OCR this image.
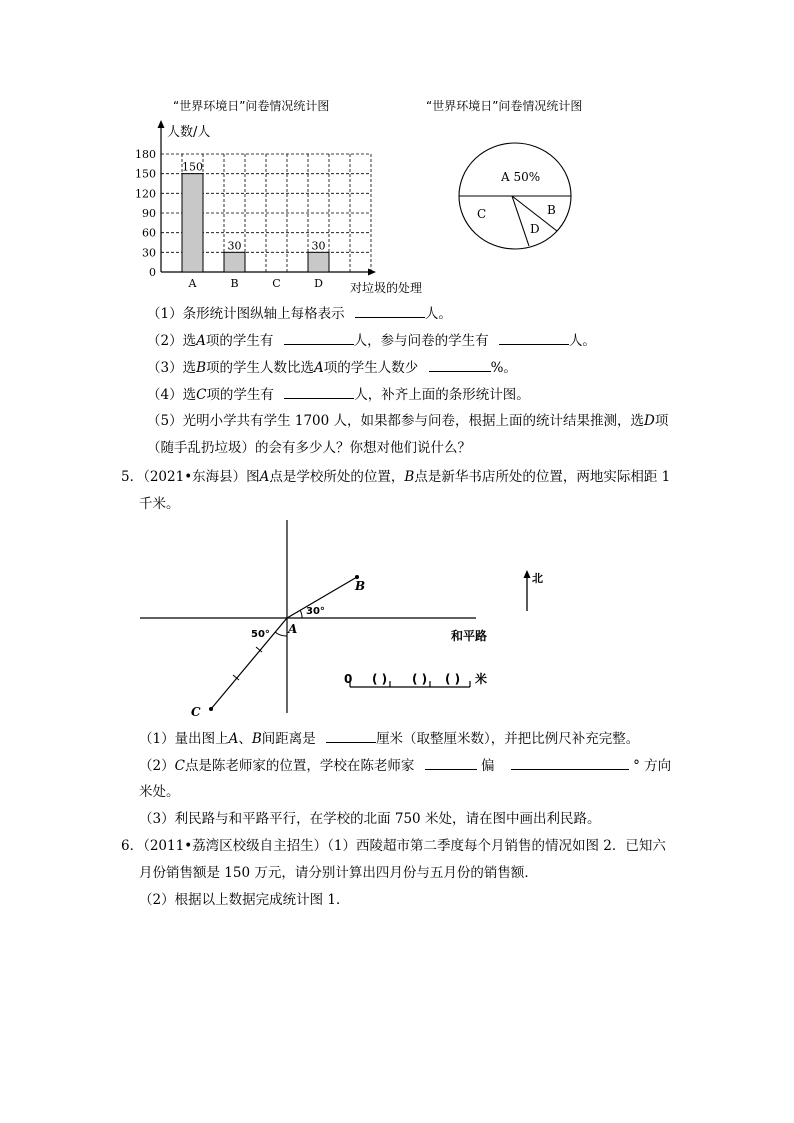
“世界环境日”问卷情况统计图
人数/人
对垃圾的处理
0
30
60
90
120
150
180
150
30	30
A	B	C	D
“世界环境日”问卷情况统计图
A 50%
C	B
D
（1）条形统计图纵轴上每格表示	人。
（2）选A项的学生有	人，参与问卷的学生有	人。
（3）选B项的学生人数比选A项的学生人数少	%。
（4）选C项的学生有	人，补齐上面的条形统计图。
（5）光明小学共有学生 1700 人，如果都参与问卷，根据上面的统计结果推测，选D项
（随手乱扔垃圾）的会有多少人？你想对他们说什么？
5．（2021•东海县）图A点是学校所处的位置，B点是新华书店所处的位置，两地实际相距 1
千米。
A
B
C
30°
50°	和平路
北
0 ( ) ( ) ( ) 米
（1）量出图上A、B间距离是	厘米（取整厘米数），并把比例尺补充完整。
（2）C点是陈老师家的位置，学校在陈老师家	偏	° 方向
米处。
（3）利民路与和平路平行，在学校的北面 750 米处，请在图中画出利民路。
6．（2011•荔湾区校级自主招生）（1）西陵超市第二季度每个月销售的情况如图 2．已知六
月份销售额是 150 万元，请分别计算出四月份与五月份的销售额．
（2）根据以上数据完成统计图 1．
